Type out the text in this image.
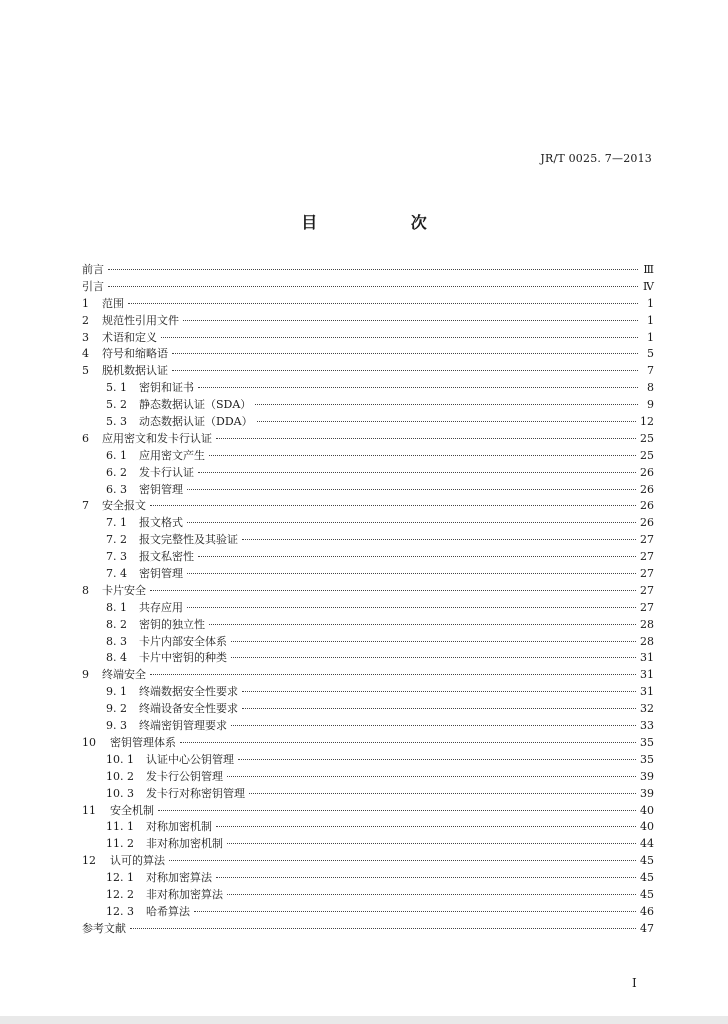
JR/T 0025. 7—2013
目 次
前言	Ⅲ
引言	Ⅳ
1	范围	1
2	规范性引用文件	1
3	术语和定义	1
4	符号和缩略语	5
5	脱机数据认证	7
5. 1 密钥和证书	8
5. 2 静态数据认证（SDA）	9
5. 3 动态数据认证（DDA）	12
6	应用密文和发卡行认证	25
6. 1 应用密文产生	25
6. 2 发卡行认证	26
6. 3 密钥管理	26
7	安全报文	26
7. 1 报文格式	26
7. 2 报文完整性及其验证	27
7. 3 报文私密性	27
7. 4 密钥管理	27
8	卡片安全	27
8. 1 共存应用	27
8. 2 密钥的独立性	28
8. 3 卡片内部安全体系	28
8. 4 卡片中密钥的种类	31
9	终端安全	31
9. 1 终端数据安全性要求	31
9. 2 终端设备安全性要求	32
9. 3 终端密钥管理要求	33
10	密钥管理体系	35
10. 1 认证中心公钥管理	35
10. 2 发卡行公钥管理	39
10. 3 发卡行对称密钥管理	39
11	安全机制	40
11. 1 对称加密机制	40
11. 2 非对称加密机制	44
12	认可的算法	45
12. 1 对称加密算法	45
12. 2 非对称加密算法	45
12. 3 哈希算法	46
参考文献	47
I
